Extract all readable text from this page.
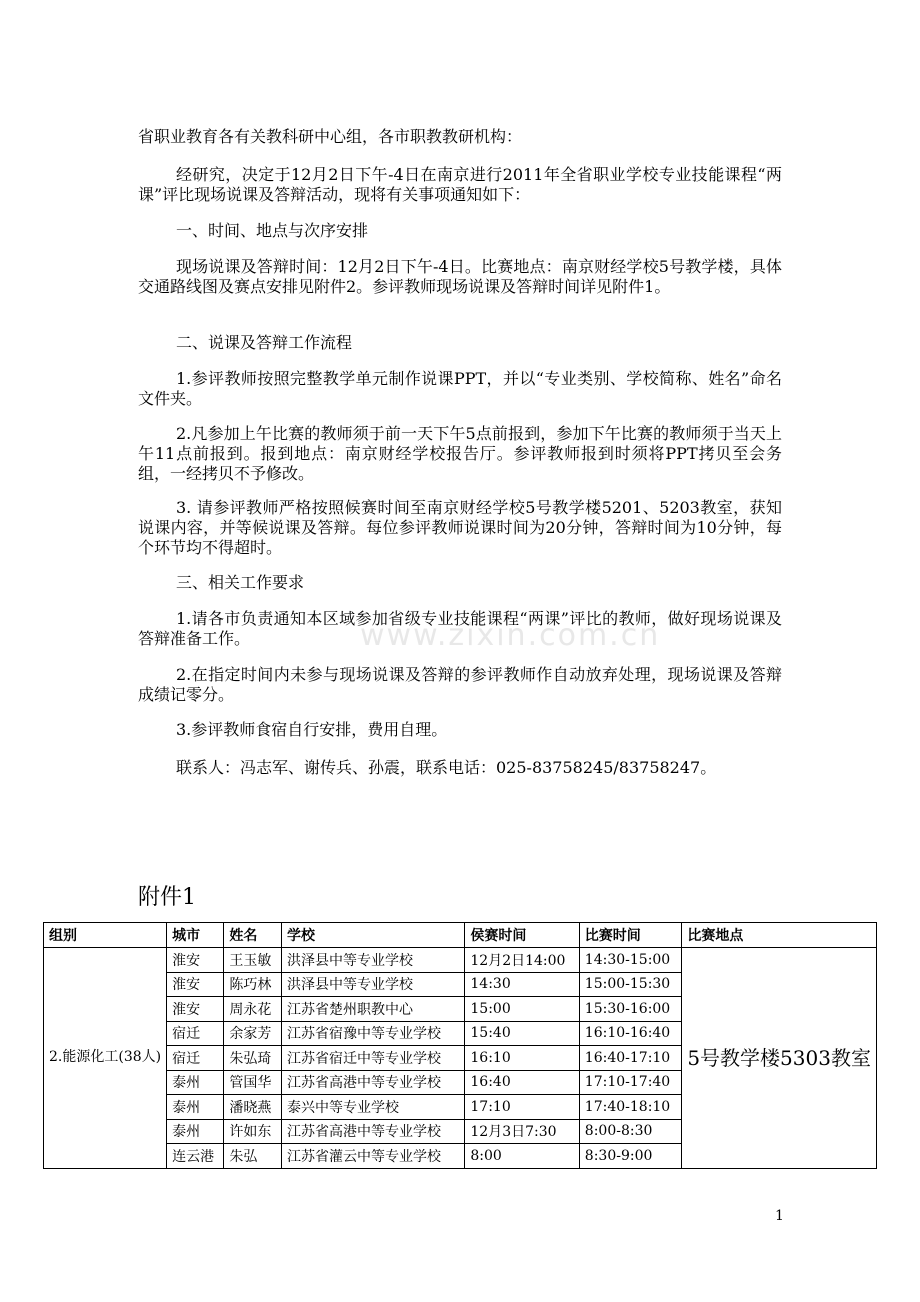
www.zixin.com.cn

省职业教育各有关教科研中心组，各市职教教研机构：

经研究，决定于12月2日下午-4日在南京进行2011年全省职业学校专业技能课程“两课”评比现场说课及答辩活动，现将有关事项通知如下：

一、时间、地点与次序安排

现场说课及答辩时间：12月2日下午-4日。比赛地点：南京财经学校5号教学楼，具体交通路线图及赛点安排见附件2。参评教师现场说课及答辩时间详见附件1。

二、说课及答辩工作流程

1.参评教师按照完整教学单元制作说课PPT，并以“专业类别、学校简称、姓名”命名文件夹。

2.凡参加上午比赛的教师须于前一天下午5点前报到，参加下午比赛的教师须于当天上午11点前报到。报到地点：南京财经学校报告厅。参评教师报到时须将PPT拷贝至会务组，一经拷贝不予修改。

3. 请参评教师严格按照候赛时间至南京财经学校5号教学楼5201、5203教室，获知说课内容，并等候说课及答辩。每位参评教师说课时间为20分钟，答辩时间为10分钟，每个环节均不得超时。

三、相关工作要求

1.请各市负责通知本区域参加省级专业技能课程“两课”评比的教师，做好现场说课及答辩准备工作。

2.在指定时间内未参与现场说课及答辩的参评教师作自动放弃处理，现场说课及答辩成绩记零分。

3.参评教师食宿自行安排，费用自理。

联系人：冯志军、谢传兵、孙震，联系电话：025-83758245/83758247。

附件1

组别	城市	姓名	学校	侯赛时间	比赛时间	比赛地点
2.能源化工(38人)	淮安	王玉敏	洪泽县中等专业学校	12月2日14:00	14:30-15:00	5号教学楼5303教室
	淮安	陈巧林	洪泽县中等专业学校	14:30	15:00-15:30	
	淮安	周永花	江苏省楚州职教中心	15:00	15:30-16:00	
	宿迁	余家芳	江苏省宿豫中等专业学校	15:40	16:10-16:40	
	宿迁	朱弘琦	江苏省宿迁中等专业学校	16:10	16:40-17:10	
	泰州	管国华	江苏省高港中等专业学校	16:40	17:10-17:40	
	泰州	潘晓燕	泰兴中等专业学校	17:10	17:40-18:10	
	泰州	许如东	江苏省高港中等专业学校	12月3日7:30	8:00-8:30	
	连云港	朱弘	江苏省灌云中等专业学校	8:00	8:30-9:00	

1
